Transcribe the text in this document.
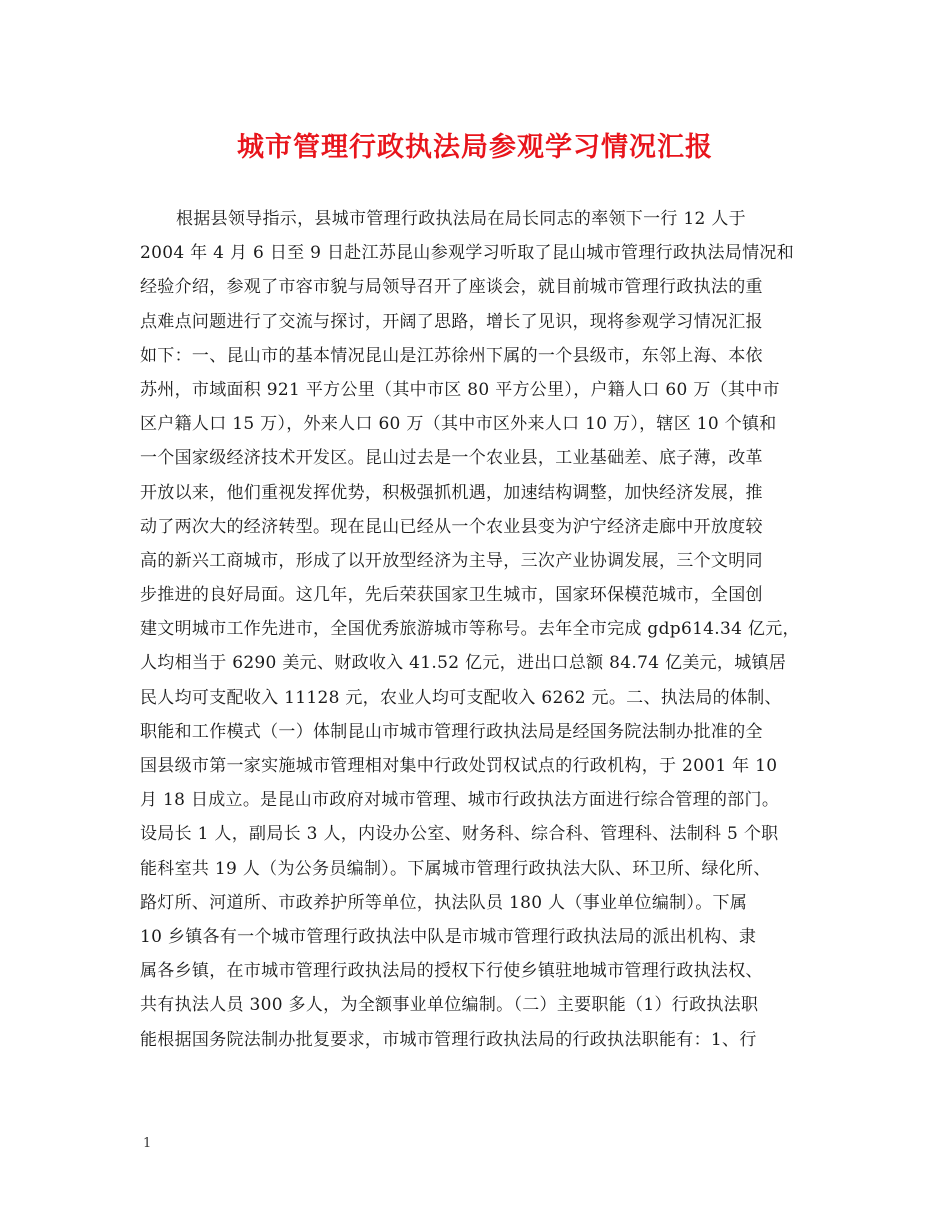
城市管理行政执法局参观学习情况汇报
根据县领导指示，县城市管理行政执法局在局长同志的率领下一行 12 人于
2004 年 4 月 6 日至 9 日赴江苏昆山参观学习听取了昆山城市管理行政执法局情况和
经验介绍，参观了市容市貌与局领导召开了座谈会，就目前城市管理行政执法的重
点难点问题进行了交流与探讨，开阔了思路，增长了见识，现将参观学习情况汇报
如下：一、昆山市的基本情况昆山是江苏徐州下属的一个县级市，东邻上海、本依
苏州，市域面积 921 平方公里（其中市区 80 平方公里），户籍人口 60 万（其中市
区户籍人口 15 万），外来人口 60 万（其中市区外来人口 10 万），辖区 10 个镇和
一个国家级经济技术开发区。昆山过去是一个农业县，工业基础差、底子薄，改革
开放以来，他们重视发挥优势，积极强抓机遇，加速结构调整，加快经济发展，推
动了两次大的经济转型。现在昆山已经从一个农业县变为沪宁经济走廊中开放度较
高的新兴工商城市，形成了以开放型经济为主导，三次产业协调发展，三个文明同
步推进的良好局面。这几年，先后荣获国家卫生城市，国家环保模范城市，全国创
建文明城市工作先进市，全国优秀旅游城市等称号。去年全市完成 gdp614.34 亿元，
人均相当于 6290 美元、财政收入 41.52 亿元，进出口总额 84.74 亿美元，城镇居
民人均可支配收入 11128 元，农业人均可支配收入 6262 元。二、执法局的体制、
职能和工作模式（一）体制昆山市城市管理行政执法局是经国务院法制办批准的全
国县级市第一家实施城市管理相对集中行政处罚权试点的行政机构，于 2001 年 10
月 18 日成立。是昆山市政府对城市管理、城市行政执法方面进行综合管理的部门。
设局长 1 人，副局长 3 人，内设办公室、财务科、综合科、管理科、法制科 5 个职
能科室共 19 人（为公务员编制）。下属城市管理行政执法大队、环卫所、绿化所、
路灯所、河道所、市政养护所等单位，执法队员 180 人（事业单位编制）。下属
10 乡镇各有一个城市管理行政执法中队是市城市管理行政执法局的派出机构、隶
属各乡镇，在市城市管理行政执法局的授权下行使乡镇驻地城市管理行政执法权、
共有执法人员 300 多人，为全额事业单位编制。（二）主要职能（1）行政执法职
能根据国务院法制办批复要求，市城市管理行政执法局的行政执法职能有：1、行
1
